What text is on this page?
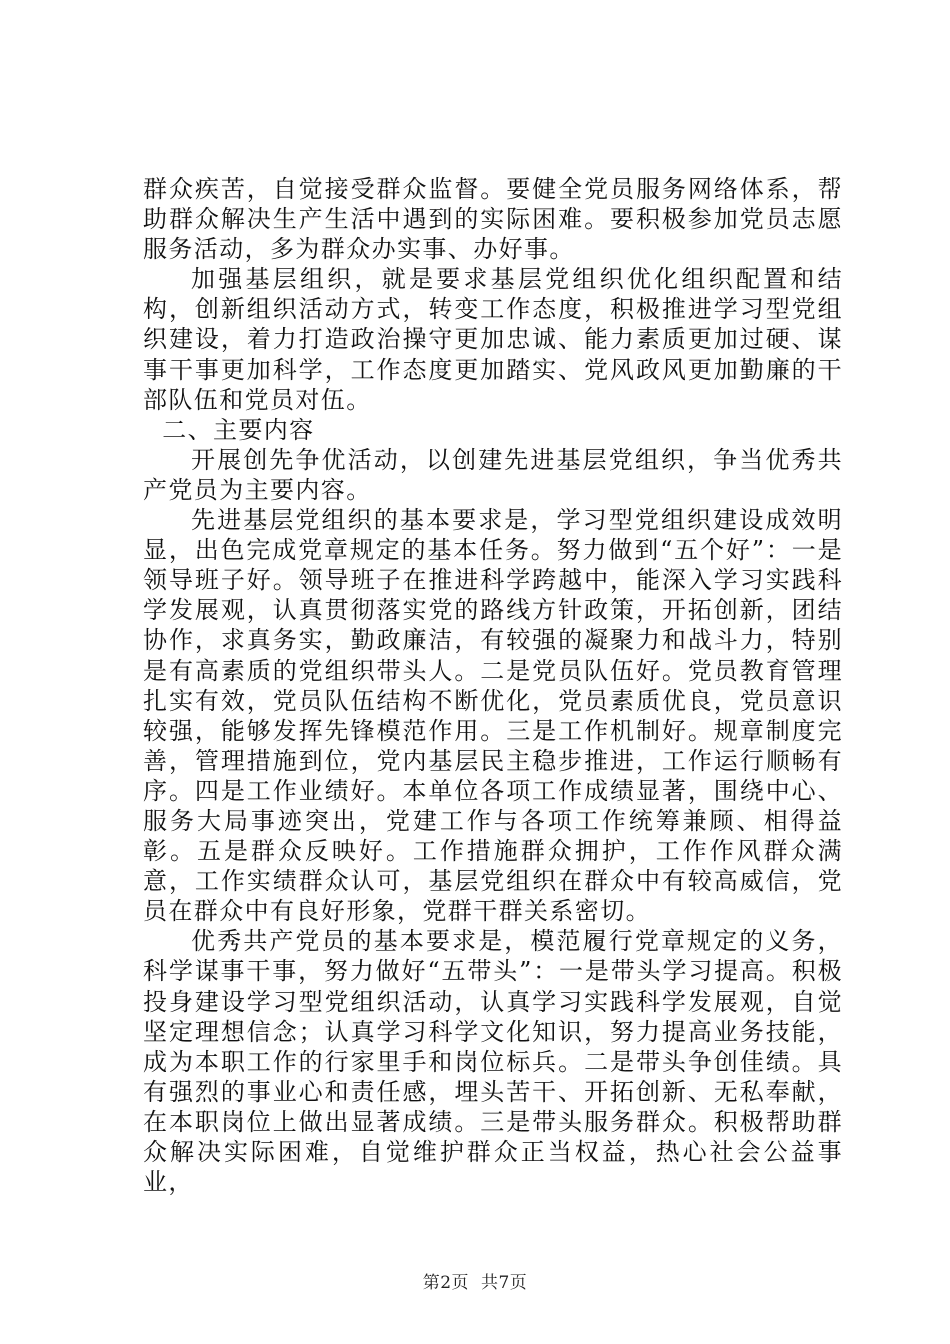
群众疾苦，自觉接受群众监督。要健全党员服务网络体系，帮助群众解决生产生活中遇到的实际困难。要积极参加党员志愿服务活动，多为群众办实事、办好事。

加强基层组织，就是要求基层党组织优化组织配置和结构，创新组织活动方式，转变工作态度，积极推进学习型党组织建设，着力打造政治操守更加忠诚、能力素质更加过硬、谋事干事更加科学，工作态度更加踏实、党风政风更加勤廉的干部队伍和党员对伍。

二、主要内容

开展创先争优活动，以创建先进基层党组织，争当优秀共产党员为主要内容。

先进基层党组织的基本要求是，学习型党组织建设成效明显，出色完成党章规定的基本任务。努力做到“五个好”：一是领导班子好。领导班子在推进科学跨越中，能深入学习实践科学发展观，认真贯彻落实党的路线方针政策，开拓创新，团结协作，求真务实，勤政廉洁，有较强的凝聚力和战斗力，特别是有高素质的党组织带头人。二是党员队伍好。党员教育管理扎实有效，党员队伍结构不断优化，党员素质优良，党员意识较强，能够发挥先锋模范作用。三是工作机制好。规章制度完善，管理措施到位，党内基层民主稳步推进，工作运行顺畅有序。四是工作业绩好。本单位各项工作成绩显著，围绕中心、服务大局事迹突出，党建工作与各项工作统筹兼顾、相得益彰。五是群众反映好。工作措施群众拥护，工作作风群众满意，工作实绩群众认可，基层党组织在群众中有较高威信，党员在群众中有良好形象，党群干群关系密切。

优秀共产党员的基本要求是，模范履行党章规定的义务，科学谋事干事，努力做好“五带头”：一是带头学习提高。积极投身建设学习型党组织活动，认真学习实践科学发展观，自觉坚定理想信念；认真学习科学文化知识，努力提高业务技能，成为本职工作的行家里手和岗位标兵。二是带头争创佳绩。具有强烈的事业心和责任感，埋头苦干、开拓创新、无私奉献，在本职岗位上做出显著成绩。三是带头服务群众。积极帮助群众解决实际困难，自觉维护群众正当权益，热心社会公益事业，

第2页 共7页
